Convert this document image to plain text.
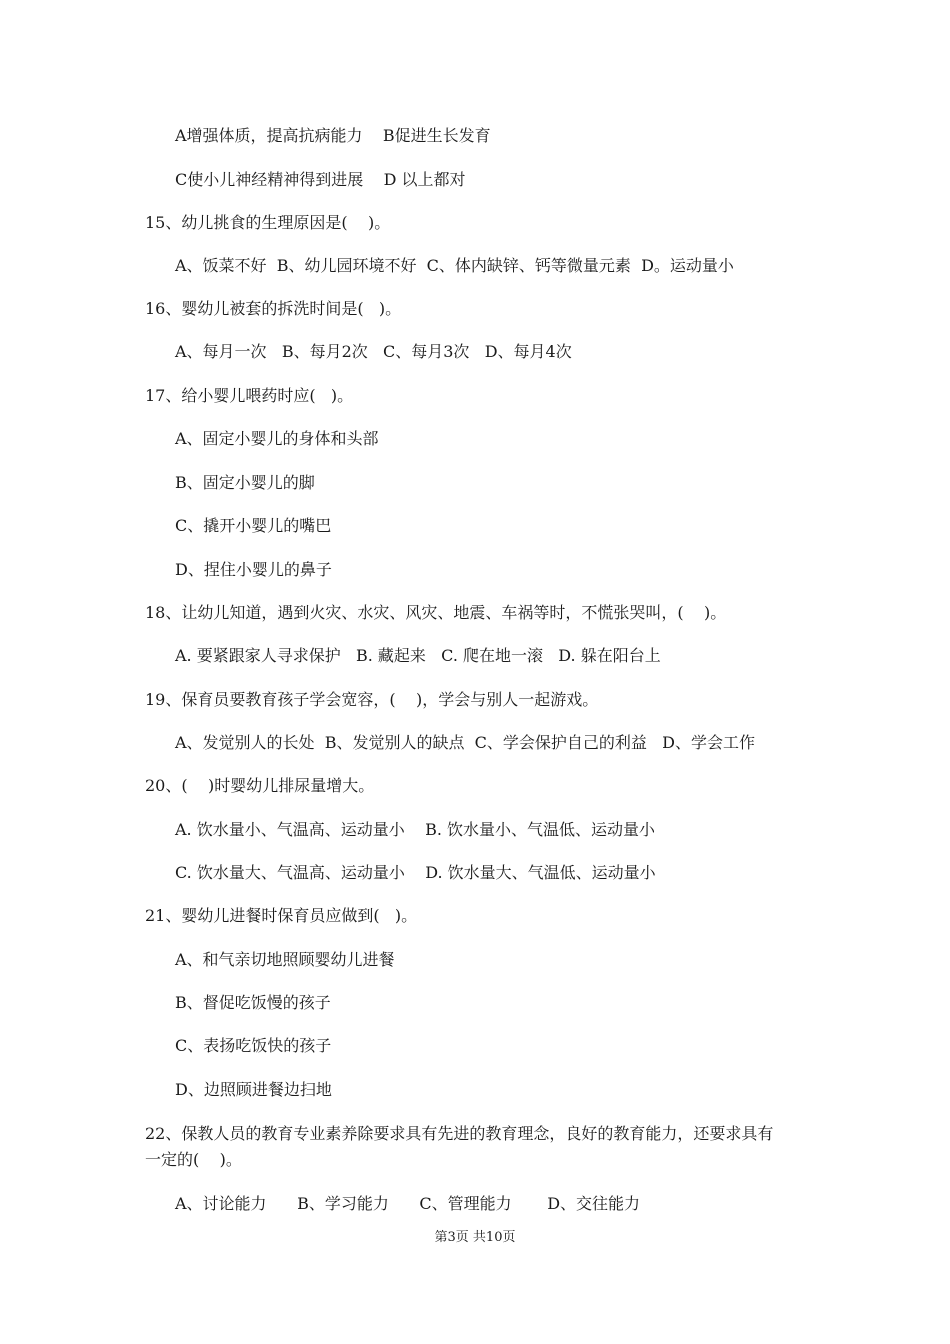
A增强体质，提高抗病能力    B促进生长发育
C使小儿神经精神得到进展    D 以上都对
15、幼儿挑食的生理原因是(    )。
A、饭菜不好  B、幼儿园环境不好  C、体内缺锌、钙等微量元素  D。运动量小
16、婴幼儿被套的拆洗时间是(   )。
A、每月一次   B、每月2次   C、每月3次   D、每月4次
17、给小婴儿喂药时应(   )。
A、固定小婴儿的身体和头部
B、固定小婴儿的脚
C、撬开小婴儿的嘴巴
D、捏住小婴儿的鼻子
18、让幼儿知道，遇到火灾、水灾、风灾、地震、车祸等时，不慌张哭叫，(    )。
A. 要紧跟家人寻求保护   B. 藏起来   C. 爬在地一滚   D. 躲在阳台上
19、保育员要教育孩子学会宽容，(    )，学会与别人一起游戏。
A、发觉别人的长处  B、发觉别人的缺点  C、学会保护自己的利益   D、学会工作
20、(    )时婴幼儿排尿量增大。
A. 饮水量小、气温高、运动量小    B. 饮水量小、气温低、运动量小
C. 饮水量大、气温高、运动量小    D. 饮水量大、气温低、运动量小
21、婴幼儿进餐时保育员应做到(   )。
A、和气亲切地照顾婴幼儿进餐
B、督促吃饭慢的孩子
C、表扬吃饭快的孩子
D、边照顾进餐边扫地
22、保教人员的教育专业素养除要求具有先进的教育理念，良好的教育能力，还要求具有
一定的(    )。
A、讨论能力      B、学习能力      C、管理能力       D、交往能力
第3页 共10页
